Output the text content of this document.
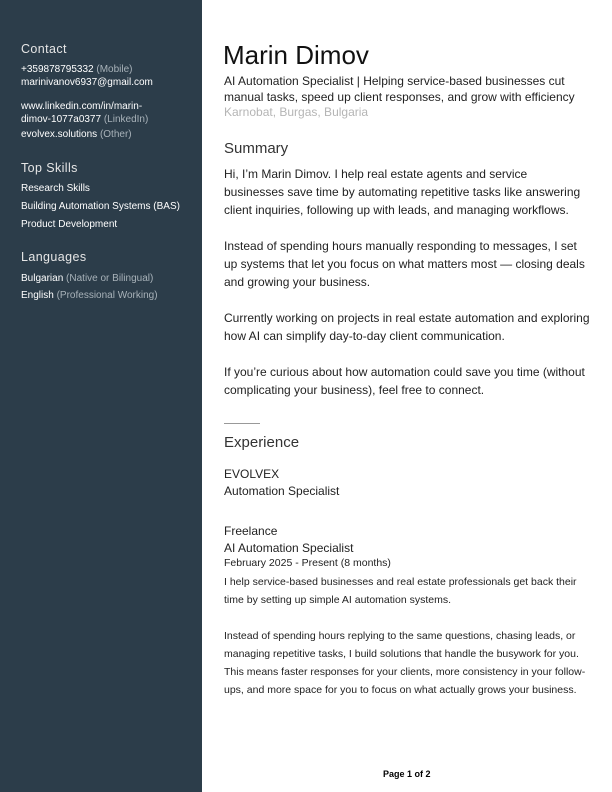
Contact
+359878795332 (Mobile)
marinivanov6937@gmail.com
www.linkedin.com/in/marin-
dimov-1077a0377 (LinkedIn)
evolvex.solutions (Other)
Top Skills
Research Skills
Building Automation Systems (BAS)
Product Development
Languages
Bulgarian (Native or Bilingual)
English (Professional Working)
Marin Dimov
AI Automation Specialist | Helping service-based businesses cut
manual tasks, speed up client responses, and grow with efficiency
Karnobat, Burgas, Bulgaria
Summary
Hi, I’m Marin Dimov. I help real estate agents and service
businesses save time by automating repetitive tasks like answering
client inquiries, following up with leads, and managing workflows.
Instead of spending hours manually responding to messages, I set
up systems that let you focus on what matters most — closing deals
and growing your business.
Currently working on projects in real estate automation and exploring
how AI can simplify day-to-day client communication.
If you’re curious about how automation could save you time (without
complicating your business), feel free to connect.
Experience
EVOLVEX
Automation Specialist
Freelance
AI Automation Specialist
February 2025 - Present (8 months)
I help service-based businesses and real estate professionals get back their
time by setting up simple AI automation systems.
Instead of spending hours replying to the same questions, chasing leads, or
managing repetitive tasks, I build solutions that handle the busywork for you.
This means faster responses for your clients, more consistency in your follow-
ups, and more space for you to focus on what actually grows your business.
Page 1 of 2
